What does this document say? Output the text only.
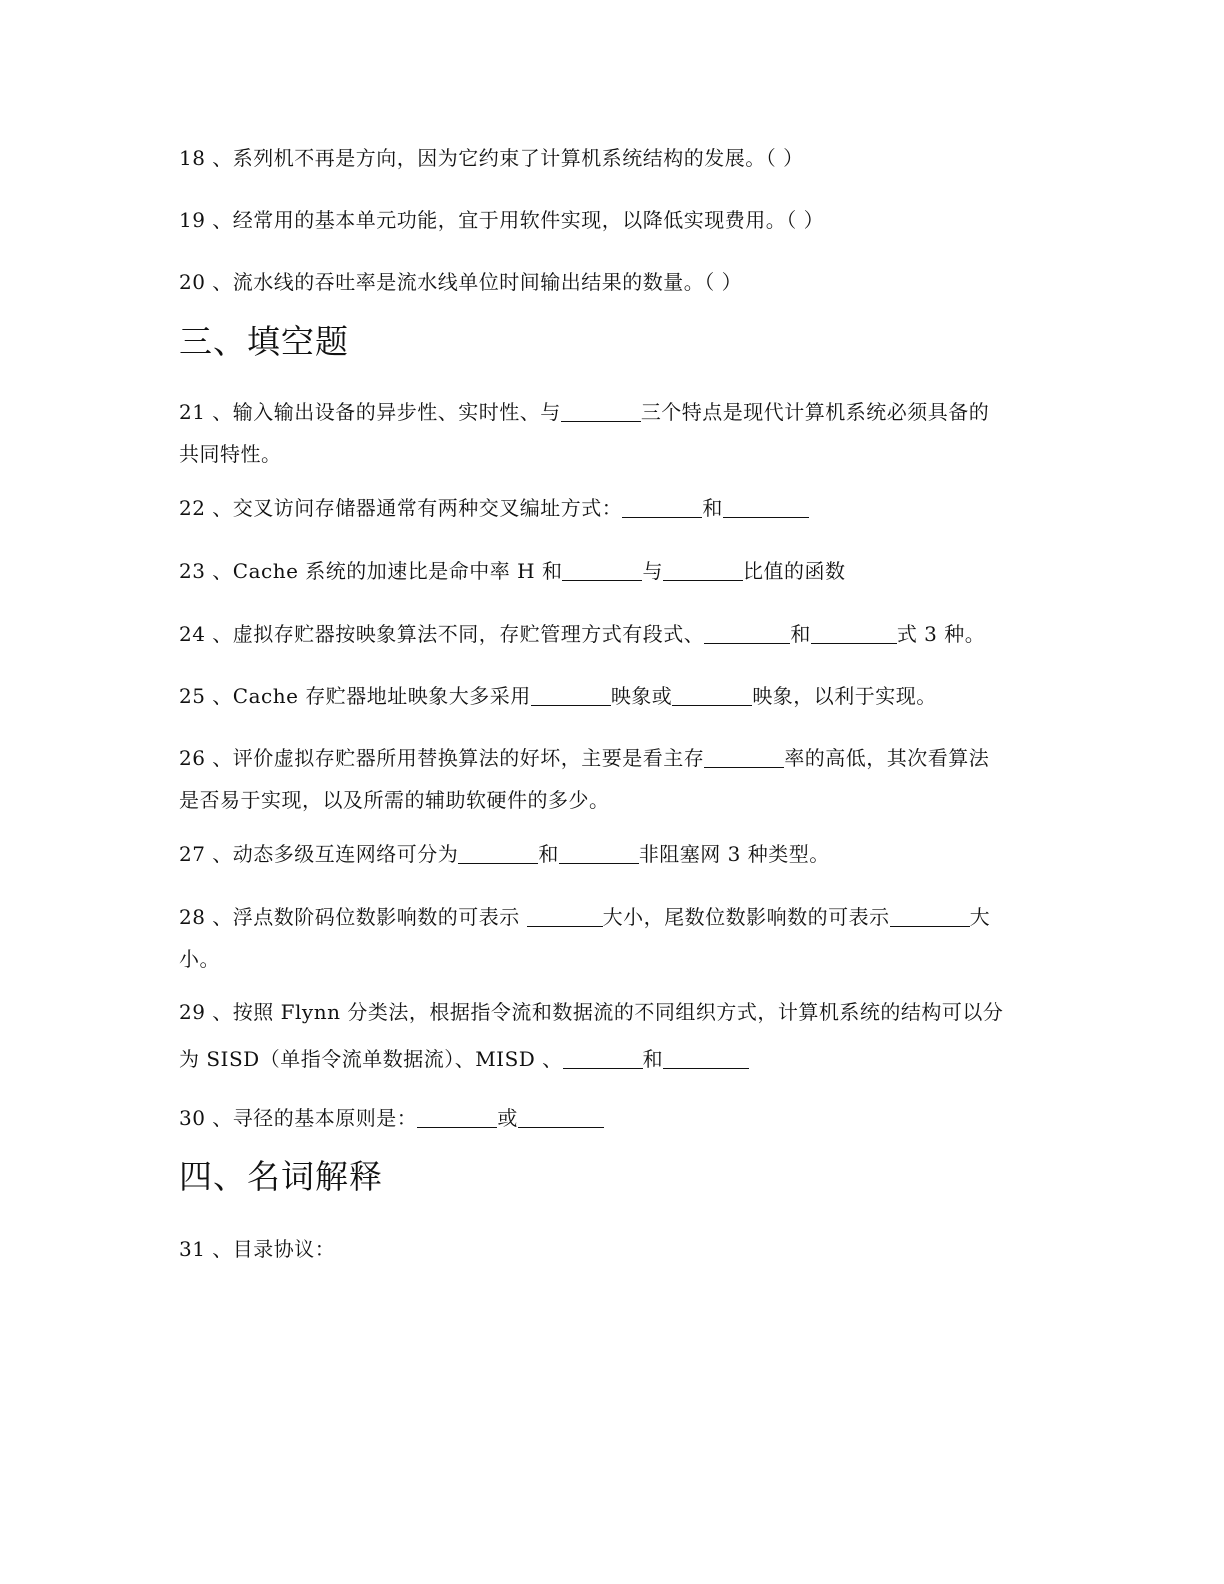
18 、系列机不再是方向，因为它约束了计算机系统结构的发展。（ ）
19 、经常用的基本单元功能，宜于用软件实现，以降低实现费用。（ ）
20 、流水线的吞吐率是流水线单位时间输出结果的数量。（ ）
三、填空题
21 、输入输出设备的异步性、实时性、与	三个特点是现代计算机系统必须具备的
共同特性。
22 、交叉访问存储器通常有两种交叉编址方式：	和
23 、Cache 系统的加速比是命中率 H 和	与	比值的函数
24 、虚拟存贮器按映象算法不同，存贮管理方式有段式、	和	式 3 种。
25 、Cache 存贮器地址映象大多采用	映象或	映象，以利于实现。
26 、评价虚拟存贮器所用替换算法的好坏，主要是看主存	率的高低，其次看算法
是否易于实现，以及所需的辅助软硬件的多少。
27 、动态多级互连网络可分为	和	非阻塞网 3 种类型。
28 、浮点数阶码位数影响数的可表示	大小，尾数位数影响数的可表示	大
小。
29 、按照 Flynn 分类法，根据指令流和数据流的不同组织方式，计算机系统的结构可以分
为 SISD（单指令流单数据流）、MISD 、	和
30 、寻径的基本原则是：	或
四、名词解释
31 、目录协议：
